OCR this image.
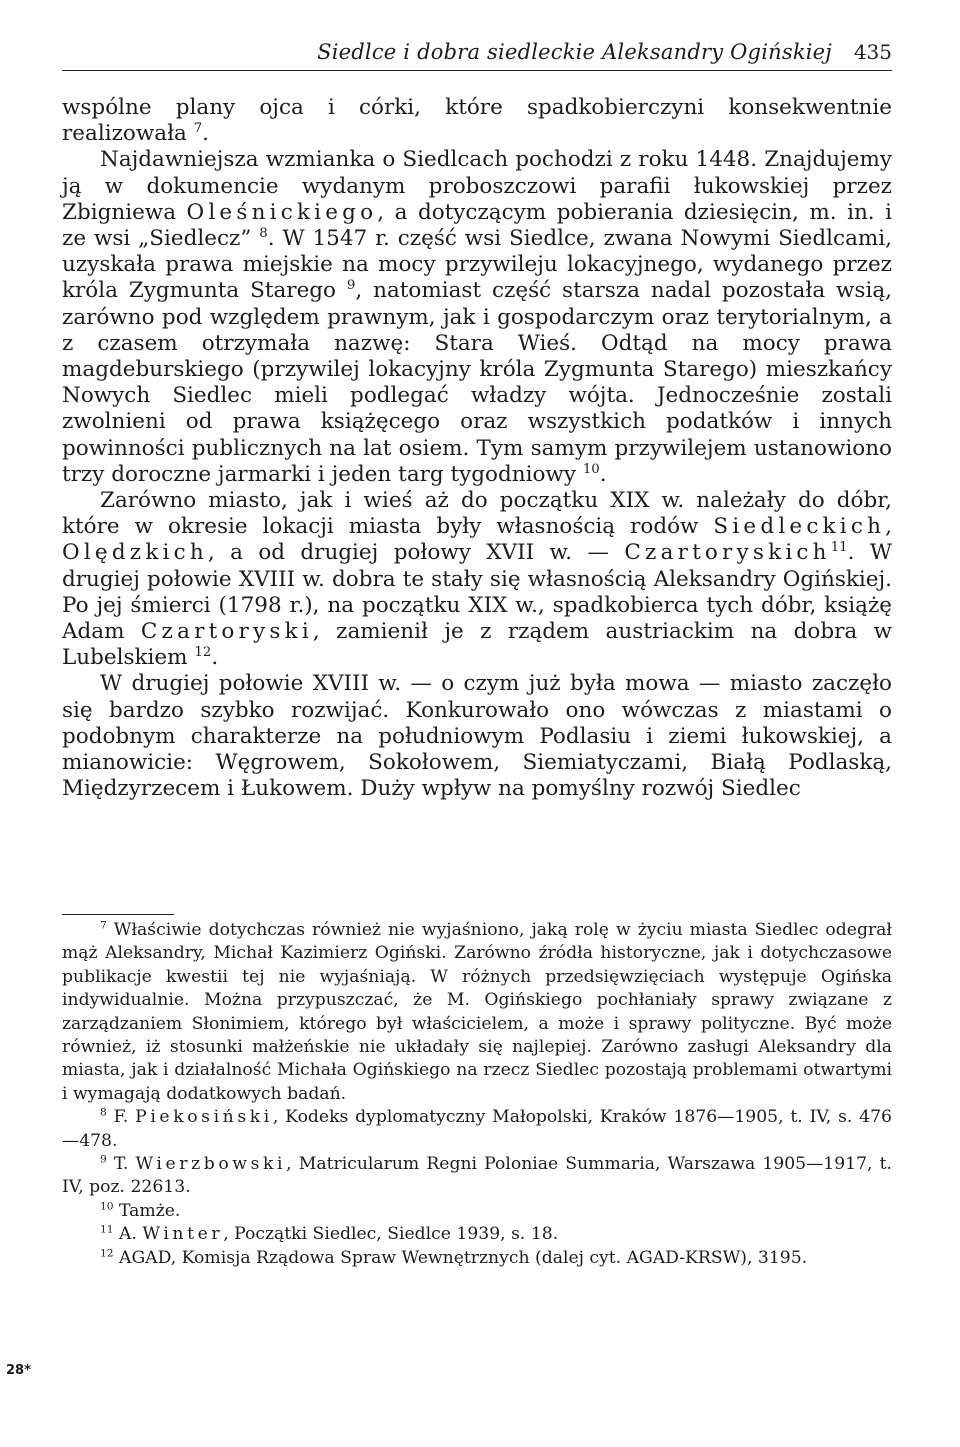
Siedlce i dobra siedleckie Aleksandry Ogińskiej 435

wspólne plany ojca i córki, które spadkobierczyni konsekwentnie realizowała $^7$.

Najdawniejsza wzmianka o Siedlcach pochodzi z roku 1448. Znajdujemy ją w dokumencie wydanym proboszczowi parafii łukowskiej przez Zbigniewa Oleśnickiego, a dotyczącym pobierania dziesięcin, m. in. i ze wsi „Siedlecz” $^8$. W 1547 r. część wsi Siedlce, zwana Nowymi Siedlcami, uzyskała prawa miejskie na mocy przywileju lokacyjnego, wydanego przez króla Zygmunta Starego $^9$, natomiast część starsza nadal pozostała wsią, zarówno pod względem prawnym, jak i gospodarczym oraz terytorialnym, a z czasem otrzymała nazwę: Stara Wieś. Odtąd na mocy prawa magdeburskiego (przywilej lokacyjny króla Zygmunta Starego) mieszkańcy Nowych Siedlec mieli podlegać władzy wójta. Jednocześnie zostali zwolnieni od prawa książęcego oraz wszystkich podatków i innych powinności publicznych na lat osiem. Tym samym przywilejem ustanowiono trzy doroczne jarmarki i jeden targ tygodniowy $^{10}$.

Zarówno miasto, jak i wieś aż do początku XIX w. należały do dóbr, które w okresie lokacji miasta były własnością rodów Siedleckich, Olędzkich, a od drugiej połowy XVII w. — Czartoryskich$^{11}$. W drugiej połowie XVIII w. dobra te stały się własnością Aleksandry Ogińskiej. Po jej śmierci (1798 r.), na początku XIX w., spadkobierca tych dóbr, książę Adam Czartoryski, zamienił je z rządem austriackim na dobra w Lubelskiem $^{12}$.

W drugiej połowie XVIII w. — o czym już była mowa — miasto zaczęło się bardzo szybko rozwijać. Konkurowało ono wówczas z miastami o podobnym charakterze na południowym Podlasiu i ziemi łukowskiej, a mianowicie: Węgrowem, Sokołowem, Siemiatyczami, Białą Podlaską, Międzyrzecem i Łukowem. Duży wpływ na pomyślny rozwój Siedlec

$^7$ Właściwie dotychczas również nie wyjaśniono, jaką rolę w życiu miasta Siedlec odegrał mąż Aleksandry, Michał Kazimierz Ogiński. Zarówno źródła historyczne, jak i dotychczasowe publikacje kwestii tej nie wyjaśniają. W różnych przedsięwzięciach występuje Ogińska indywidualnie. Można przypuszczać, że M. Ogińskiego pochłaniały sprawy związane z zarządzaniem Słonimiem, którego był właścicielem, a może i sprawy polityczne. Być może również, iż stosunki małżeńskie nie układały się najlepiej. Zarówno zasługi Aleksandry dla miasta, jak i działalność Michała Ogińskiego na rzecz Siedlec pozostają problemami otwartymi i wymagają dodatkowych badań.

$^8$ F. Piekosiński, Kodeks dyplomatyczny Małopolski, Kraków 1876—1905, t. IV, s. 476—478.

$^9$ T. Wierzbowski, Matricularum Regni Poloniae Summaria, Warszawa 1905—1917, t. IV, poz. 22613.

$^{10}$ Tamże.

$^{11}$ A. Winter, Początki Siedlec, Siedlce 1939, s. 18.

$^{12}$ AGAD, Komisja Rządowa Spraw Wewnętrznych (dalej cyt. AGAD-KRSW), 3195.

28*
